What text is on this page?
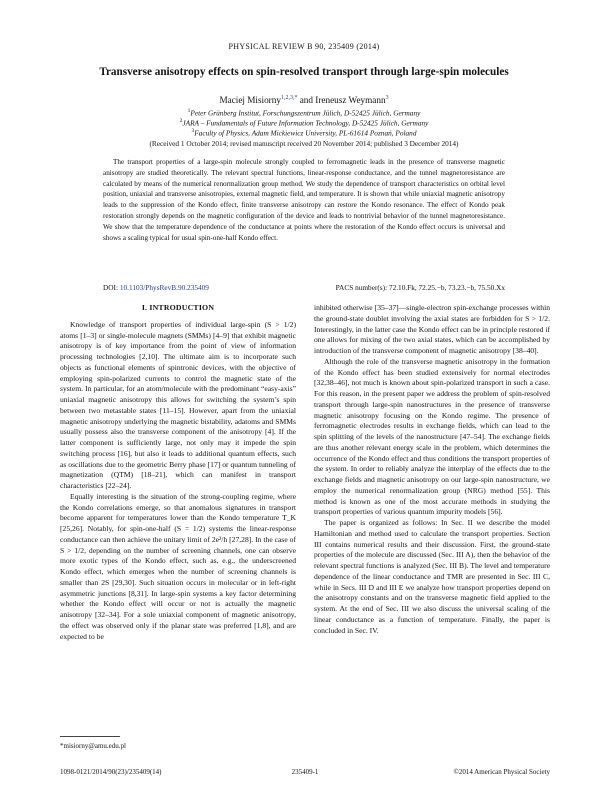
PHYSICAL REVIEW B 90, 235409 (2014)
Transverse anisotropy effects on spin-resolved transport through large-spin molecules
Maciej Misiorny$^{1,2,3,*}$ and Ireneusz Weymann$^3$
$^1$Peter Grünberg Institut, Forschungszentrum Jülich, D-52425 Jülich, Germany
$^2$JARA – Fundamentals of Future Information Technology, D-52425 Jülich, Germany
$^3$Faculty of Physics, Adam Mickiewicz University, PL-61614 Poznań, Poland
(Received 1 October 2014; revised manuscript received 20 November 2014; published 3 December 2014)

The transport properties of a large-spin molecule strongly coupled to ferromagnetic leads in the presence of transverse magnetic anisotropy are studied theoretically. The relevant spectral functions, linear-response conductance, and the tunnel magnetoresistance are calculated by means of the numerical renormalization group method. We study the dependence of transport characteristics on orbital level position, uniaxial and transverse anisotropies, external magnetic field, and temperature. It is shown that while uniaxial magnetic anisotropy leads to the suppression of the Kondo effect, finite transverse anisotropy can restore the Kondo resonance. The effect of Kondo peak restoration strongly depends on the magnetic configuration of the device and leads to nontrivial behavior of the tunnel magnetoresistance. We show that the temperature dependence of the conductance at points where the restoration of the Kondo effect occurs is universal and shows a scaling typical for usual spin-one-half Kondo effect.

DOI: 10.1103/PhysRevB.90.235409	PACS number(s): 72.10.Fk, 72.25.−b, 73.23.−b, 75.50.Xx
I. INTRODUCTION

Knowledge of transport properties of individual large-spin (S > 1/2) atoms [1–3] or single-molecule magnets (SMMs) [4–9] that exhibit magnetic anisotropy is of key importance from the point of view of information processing technologies [2,10]. The ultimate aim is to incorporate such objects as functional elements of spintronic devices, with the objective of employing spin-polarized currents to control the magnetic state of the system. In particular, for an atom/molecule with the predominant “easy-axis” uniaxial magnetic anisotropy this allows for switching the system’s spin between two metastable states [11–15]. However, apart from the uniaxial magnetic anisotropy underlying the magnetic bistability, adatoms and SMMs usually possess also the transverse component of the anisotropy [4]. If the latter component is sufficiently large, not only may it impede the spin switching process [16], but also it leads to additional quantum effects, such as oscillations due to the geometric Berry phase [17] or quantum tunneling of magnetization (QTM) [18–21], which can manifest in transport characteristics [22–24].

Equally interesting is the situation of the strong-coupling regime, where the Kondo correlations emerge, so that anomalous signatures in transport become apparent for temperatures lower than the Kondo temperature T_K [25,26]. Notably, for spin-one-half (S = 1/2) systems the linear-response conductance can then achieve the unitary limit of 2e²/h [27,28]. In the case of S > 1/2, depending on the number of screening channels, one can observe more exotic types of the Kondo effect, such as, e.g., the underscreened Kondo effect, which emerges when the number of screening channels is smaller than 2S [29,30]. Such situation occurs in molecular or in left-right asymmetric junctions [8,31]. In large-spin systems a key factor determining whether the Kondo effect will occur or not is actually the magnetic anisotropy [32–34]. For a sole uniaxial component of magnetic anisotropy, the effect was observed only if the planar state was preferred [1,8], and are expected to be

inhibited otherwise [35–37]—single-electron spin-exchange processes within the ground-state doublet involving the axial states are forbidden for S > 1/2. Interestingly, in the latter case the Kondo effect can be in principle restored if one allows for mixing of the two axial states, which can be accomplished by introduction of the transverse component of magnetic anisotropy [38–40].

Although the role of the transverse magnetic anisotropy in the formation of the Kondo effect has been studied extensively for normal electrodes [32,38–46], not much is known about spin-polarized transport in such a case. For this reason, in the present paper we address the problem of spin-resolved transport through large-spin nanostructures in the presence of transverse magnetic anisotropy focusing on the Kondo regime. The presence of ferromagnetic electrodes results in exchange fields, which can lead to the spin splitting of the levels of the nanostructure [47–54]. The exchange fields are thus another relevant energy scale in the problem, which determines the occurrence of the Kondo effect and thus conditions the transport properties of the system. In order to reliably analyze the interplay of the effects due to the exchange fields and magnetic anisotropy on our large-spin nanostructure, we employ the numerical renormalization group (NRG) method [55]. This method is known as one of the most accurate methods in studying the transport properties of various quantum impurity models [56].

The paper is organized as follows: In Sec. II we describe the model Hamiltonian and method used to calculate the transport properties. Section III contains numerical results and their discussion. First, the ground-state properties of the molecule are discussed (Sec. III A), then the behavior of the relevant spectral functions is analyzed (Sec. III B). The level and temperature dependence of the linear conductance and TMR are presented in Sec. III C, while in Secs. III D and III E we analyze how transport properties depend on the anisotropy constants and on the transverse magnetic field applied to the system. At the end of Sec. III we also discuss the universal scaling of the linear conductance as a function of temperature. Finally, the paper is concluded in Sec. IV.

*misiorny@amu.edu.pl
1098-0121/2014/90(23)/235409(14)	235409-1	©2014 American Physical Society
